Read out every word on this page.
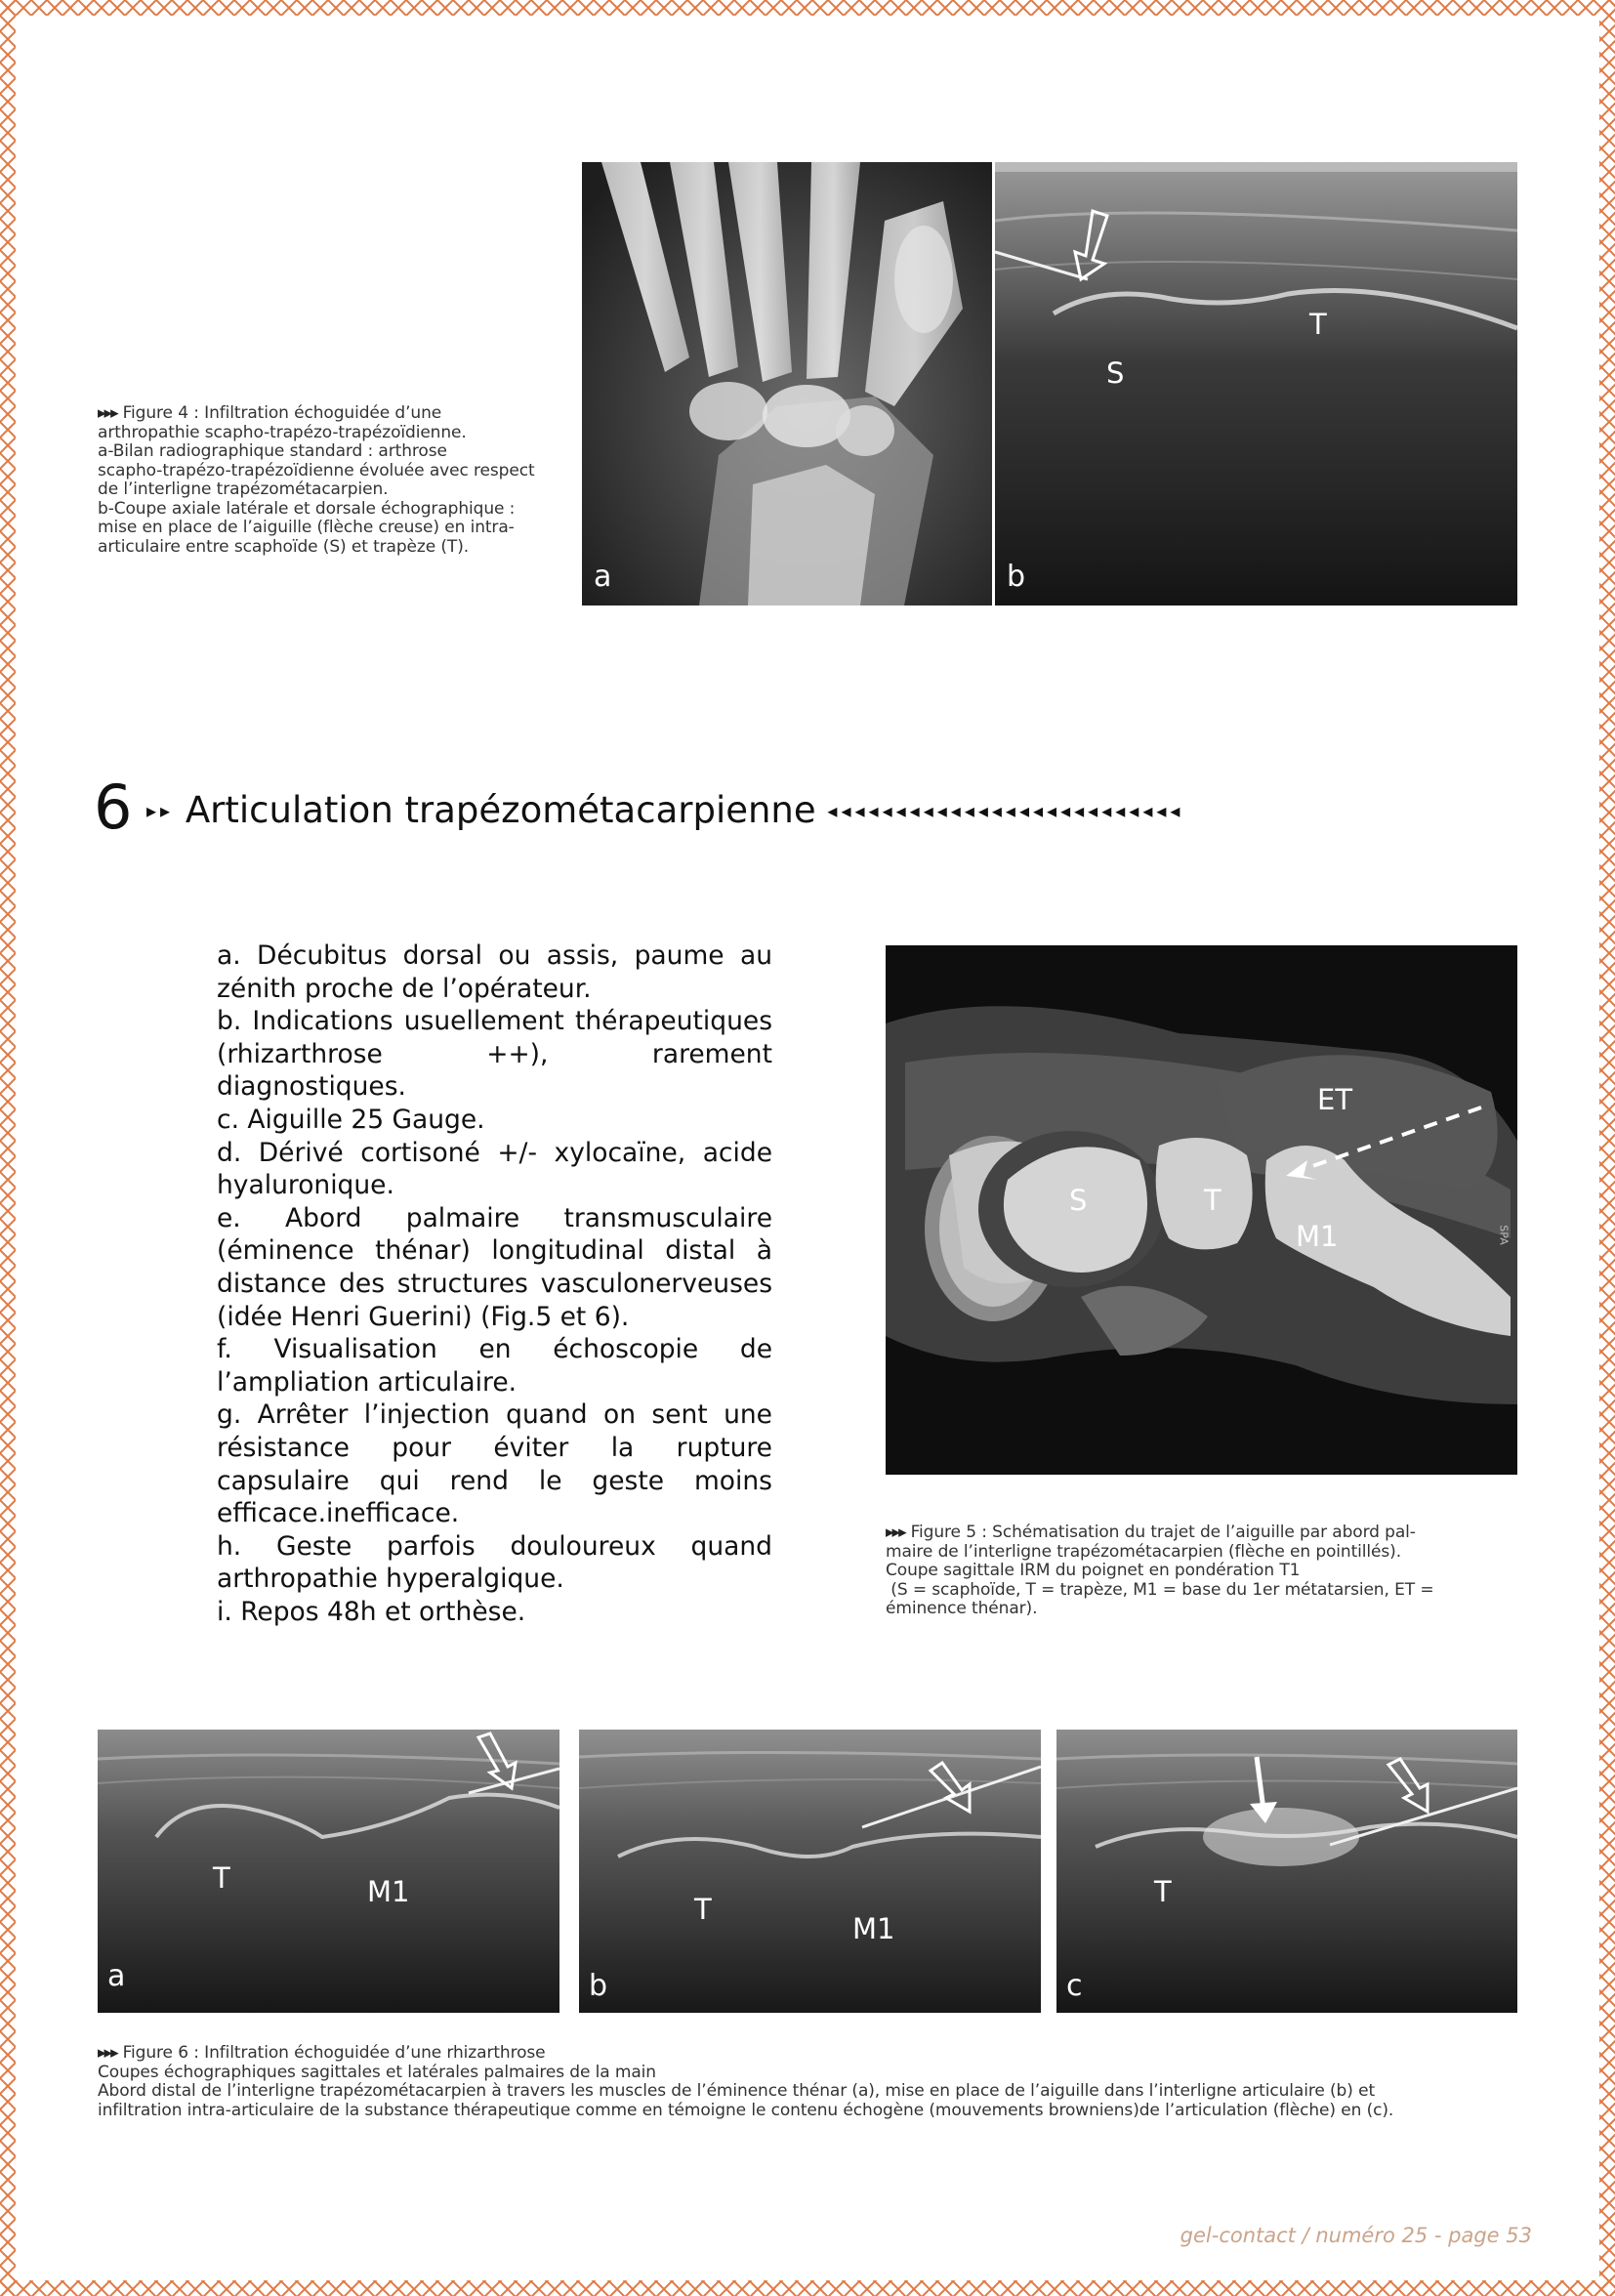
▸▸▸ Figure 4 : Infiltration échoguidée d’une

arthropathie scapho-trapézo-trapézoïdienne.

a-Bilan radiographique standard : arthrose

scapho-trapézo-trapézoïdienne évoluée avec respect

de l’interligne trapézométacarpien.

b-Coupe axiale latérale et dorsale échographique :

mise en place de l’aiguille (flèche creuse) en intra-

articulaire entre scaphoïde (S) et trapèze (T).

a
T
S
b
6 ▸▸ Articulation trapézométacarpienne ◂◂◂◂◂◂◂◂◂◂◂◂◂◂◂◂◂◂◂◂◂◂◂◂◂◂

a. Décubitus dorsal ou assis, paume au zénith proche de l’opérateur.

b. Indications usuellement thérapeutiques (rhizarthrose ++), rarement diagnostiques.

c. Aiguille 25 Gauge.

d. Dérivé cortisoné +/- xylocaïne, acide hyaluronique.

e. Abord palmaire transmusculaire (éminence thénar) longitudinal distal à distance des structures vasculonerveuses (idée Henri Guerini) (Fig.5 et 6).

f. Visualisation en échoscopie de l’ampliation articulaire.

g. Arrêter l’injection quand on sent une résistance pour éviter la rupture capsulaire qui rend le geste moins efficace.inefficace.

h. Geste parfois douloureux quand arthropathie hyperalgique.

i. Repos 48h et orthèse.

ET
S	T
M1	SPA

▸▸▸ Figure 5 : Schématisation du trajet de l’aiguille par abord pal-

maire de l’interligne trapézométacarpien (flèche en pointillés).

Coupe sagittale IRM du poignet en pondération T1

(S = scaphoïde, T = trapèze, M1 = base du 1er métatarsien, ET =

éminence thénar).

T	M1
a
T
M1
b
T
c

▸▸▸ Figure 6 : Infiltration échoguidée d’une rhizarthrose

Coupes échographiques sagittales et latérales palmaires de la main

Abord distal de l’interligne trapézométacarpien à travers les muscles de l’éminence thénar (a), mise en place de l’aiguille dans l’interligne articulaire (b) et

infiltration intra-articulaire de la substance thérapeutique comme en témoigne le contenu échogène (mouvements browniens)de l’articulation (flèche) en (c).

gel-contact / numéro 25 - page 53
